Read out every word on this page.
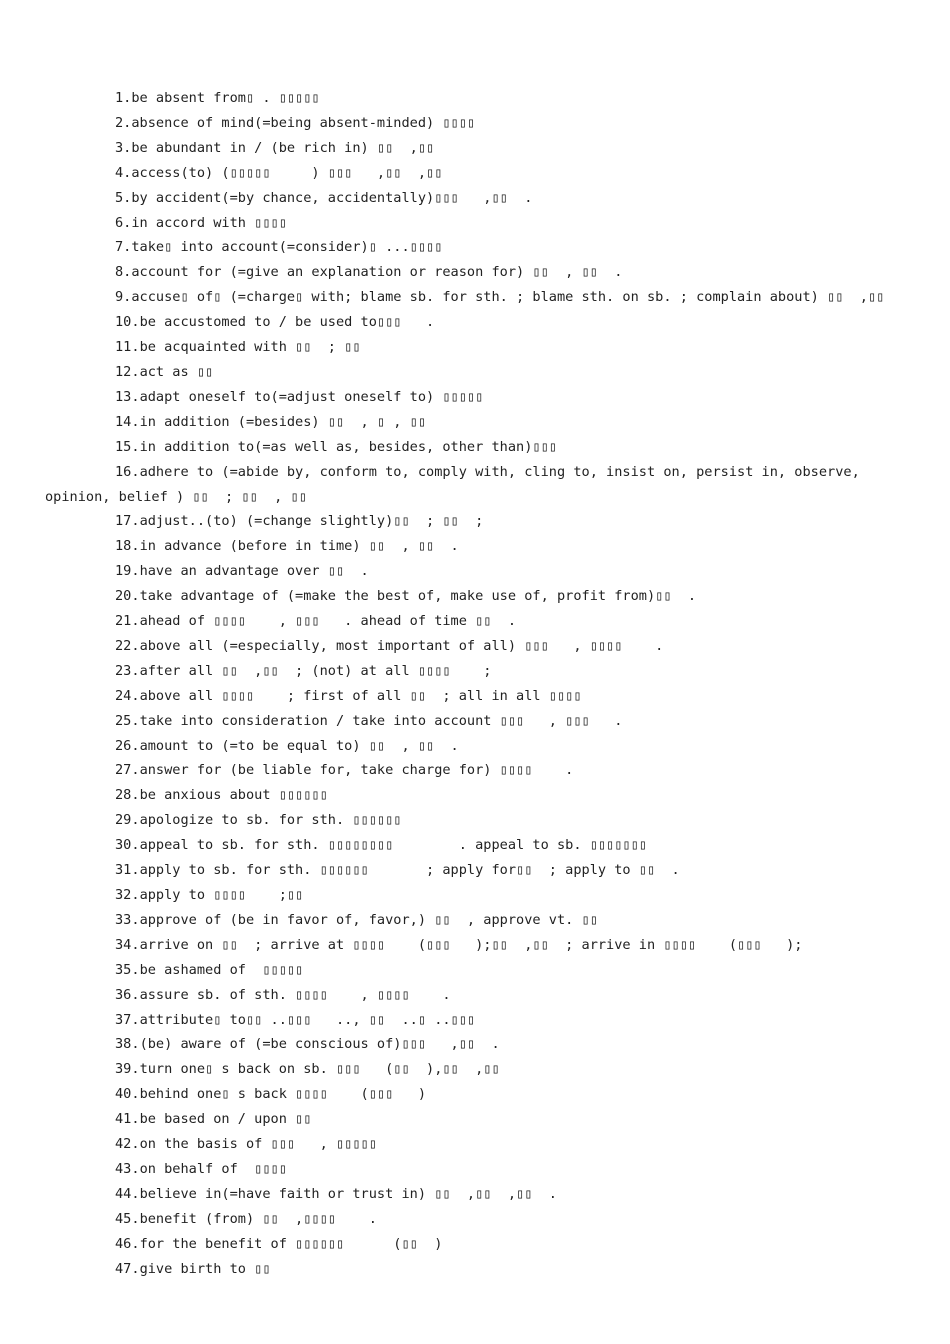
1.be absent from▯ . ▯▯▯▯▯
2.absence of mind(=being absent-minded) ▯▯▯▯
3.be abundant in / (be rich in) ▯▯  ,▯▯
4.access(to) (▯▯▯▯▯     ) ▯▯▯   ,▯▯  ,▯▯
5.by accident(=by chance, accidentally)▯▯▯   ,▯▯  .
6.in accord with ▯▯▯▯
7.take▯ into account(=consider)▯ ...▯▯▯▯
8.account for (=give an explanation or reason for) ▯▯  , ▯▯  .
9.accuse▯ of▯ (=charge▯ with; blame sb. for sth. ; blame sth. on sb. ; complain about) ▯▯  ,▯▯
10.be accustomed to / be used to▯▯▯   .
11.be acquainted with ▯▯  ; ▯▯
12.act as ▯▯
13.adapt oneself to(=adjust oneself to) ▯▯▯▯▯
14.in addition (=besides) ▯▯  , ▯ , ▯▯
15.in addition to(=as well as, besides, other than)▯▯▯
16.adhere to (=abide by, conform to, comply with, cling to, insist on, persist in, observe, opinion, belief ) ▯▯  ; ▯▯  , ▯▯
17.adjust..(to) (=change slightly)▯▯  ; ▯▯  ;
18.in advance (before in time) ▯▯  , ▯▯  .
19.have an advantage over ▯▯  .
20.take advantage of (=make the best of, make use of, profit from)▯▯  .
21.ahead of ▯▯▯▯    , ▯▯▯   . ahead of time ▯▯  .
22.above all (=especially, most important of all) ▯▯▯   , ▯▯▯▯    .
23.after all ▯▯  ,▯▯  ; (not) at all ▯▯▯▯    ;
24.above all ▯▯▯▯    ; first of all ▯▯  ; all in all ▯▯▯▯
25.take into consideration / take into account ▯▯▯   , ▯▯▯   .
26.amount to (=to be equal to) ▯▯  , ▯▯  .
27.answer for (be liable for, take charge for) ▯▯▯▯    .
28.be anxious about ▯▯▯▯▯▯
29.apologize to sb. for sth. ▯▯▯▯▯▯
30.appeal to sb. for sth. ▯▯▯▯▯▯▯▯        . appeal to sb. ▯▯▯▯▯▯▯
31.apply to sb. for sth. ▯▯▯▯▯▯       ; apply for▯▯  ; apply to ▯▯  .
32.apply to ▯▯▯▯    ;▯▯
33.approve of (be in favor of, favor,) ▯▯  , approve vt. ▯▯
34.arrive on ▯▯  ; arrive at ▯▯▯▯    (▯▯▯   );▯▯  ,▯▯  ; arrive in ▯▯▯▯    (▯▯▯   );
35.be ashamed of  ▯▯▯▯▯
36.assure sb. of sth. ▯▯▯▯    , ▯▯▯▯    .
37.attribute▯ to▯▯ ..▯▯▯   .., ▯▯  ..▯ ..▯▯▯
38.(be) aware of (=be conscious of)▯▯▯   ,▯▯  .
39.turn one▯ s back on sb. ▯▯▯   (▯▯  ),▯▯  ,▯▯
40.behind one▯ s back ▯▯▯▯    (▯▯▯   )
41.be based on / upon ▯▯
42.on the basis of ▯▯▯   , ▯▯▯▯▯
43.on behalf of  ▯▯▯▯
44.believe in(=have faith or trust in) ▯▯  ,▯▯  ,▯▯  .
45.benefit (from) ▯▯  ,▯▯▯▯    .
46.for the benefit of ▯▯▯▯▯▯      (▯▯  )
47.give birth to ▯▯
